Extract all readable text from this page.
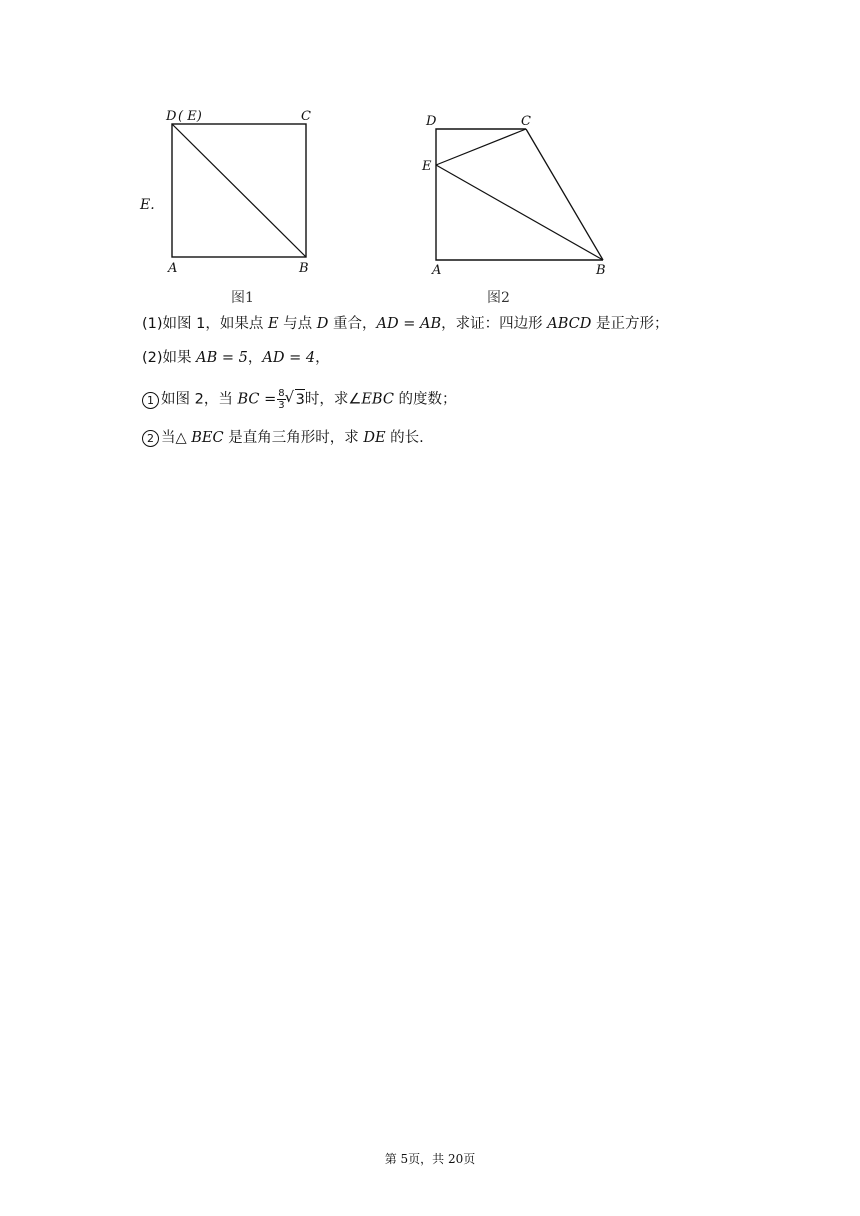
D ( E)	C
A	B
图1
D	C
E
A	B
图2
E.
(1)如图 1，如果点 E 与点 D 重合，AD = AB，求证：四边形 ABCD 是正方形；
(2)如果 AB = 5，AD = 4，
1 如图 2，当 BC = $\frac{8}{3}$
√ 3时，求∠EBC 的度数；
2 当△ BEC 是直角三角形时，求 DE 的长.
第 5页，共 20页
